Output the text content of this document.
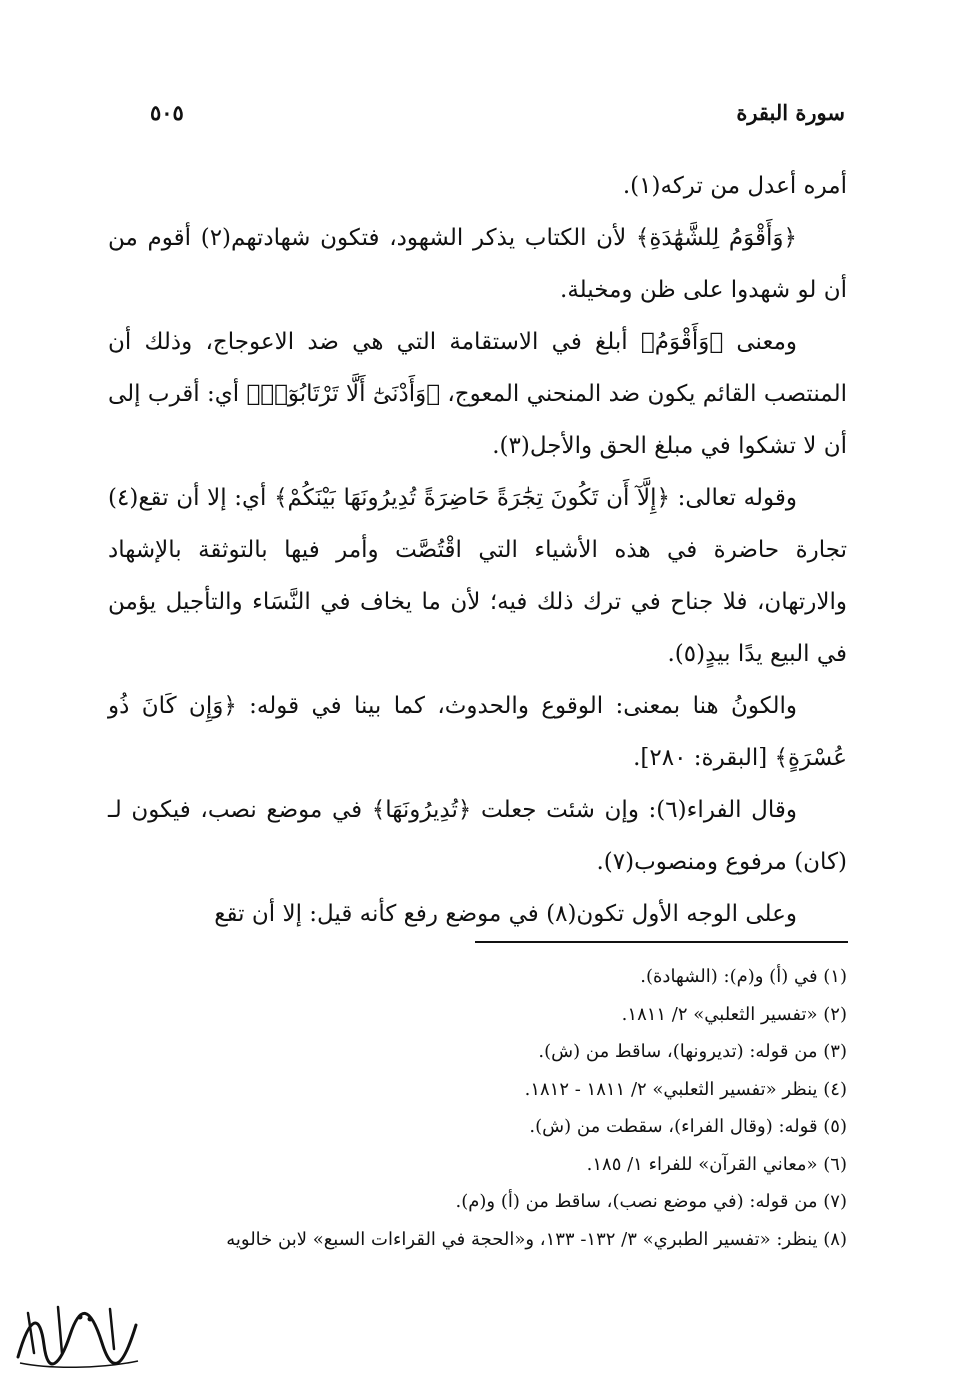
سورة البقرة
٥٠٥

أمره أعدل من تركه(١).

﴿وَأَقْوَمُ لِلشَّهَٰدَةِ﴾ لأن الكتاب يذكر الشهود، فتكون شهادتهم(٢) أقوم من أن لو شهدوا على ظن ومخيلة.

ومعنى ﴿وَأَقْوَمُ﴾ أبلغ في الاستقامة التي هي ضد الاعوجاج، وذلك أن المنتصب القائم يكون ضد المنحني المعوج، ﴿وَأَدْنَىٰٓ أَلَّا تَرْتَابُوٓا۟﴾ أي: أقرب إلى أن لا تشكوا في مبلغ الحق والأجل(٣).

وقوله تعالى: ﴿إِلَّآ أَن تَكُونَ تِجَٰرَةً حَاضِرَةً تُدِيرُونَهَا بَيْنَكُمْ﴾ أي: إلا أن تقع(٤) تجارة حاضرة في هذه الأشياء التي اقْتُصَّت وأمر فيها بالتوثقة بالإشهاد والارتهان، فلا جناح في ترك ذلك فيه؛ لأن ما يخاف في النَّسَاء والتأجيل يؤمن في البيع يدًا بيدٍ(٥).

والكونُ هنا بمعنى: الوقوع والحدوث، كما بينا في قوله: ﴿وَإِن كَانَ ذُو عُسْرَةٍ﴾ [البقرة: ٢٨٠].

وقال الفراء(٦): وإن شئت جعلت ﴿تُدِيرُونَهَا﴾ في موضع نصب، فيكون لـ (كان) مرفوع ومنصوب(٧).

وعلى الوجه الأول تكون(٨) في موضع رفع كأنه قيل: إلا أن تقع

(١) في (أ) و(م): (الشهادة).
(٢) «تفسير الثعلبي» ٢/ ١٨١١.
(٣) من قوله: (تديرونها)، ساقط من (ش).
(٤) ينظر «تفسير الثعلبي» ٢/ ١٨١١ - ١٨١٢.
(٥) قوله: (وقال الفراء)، سقطت من (ش).
(٦) «معاني القرآن» للفراء ١/ ١٨٥.
(٧) من قوله: (في موضع نصب)، ساقط من (أ) و(م).
(٨) ينظر: «تفسير الطبري» ٣/ ١٣٢- ١٣٣، و«الحجة في القراءات السبع» لابن خالويه
